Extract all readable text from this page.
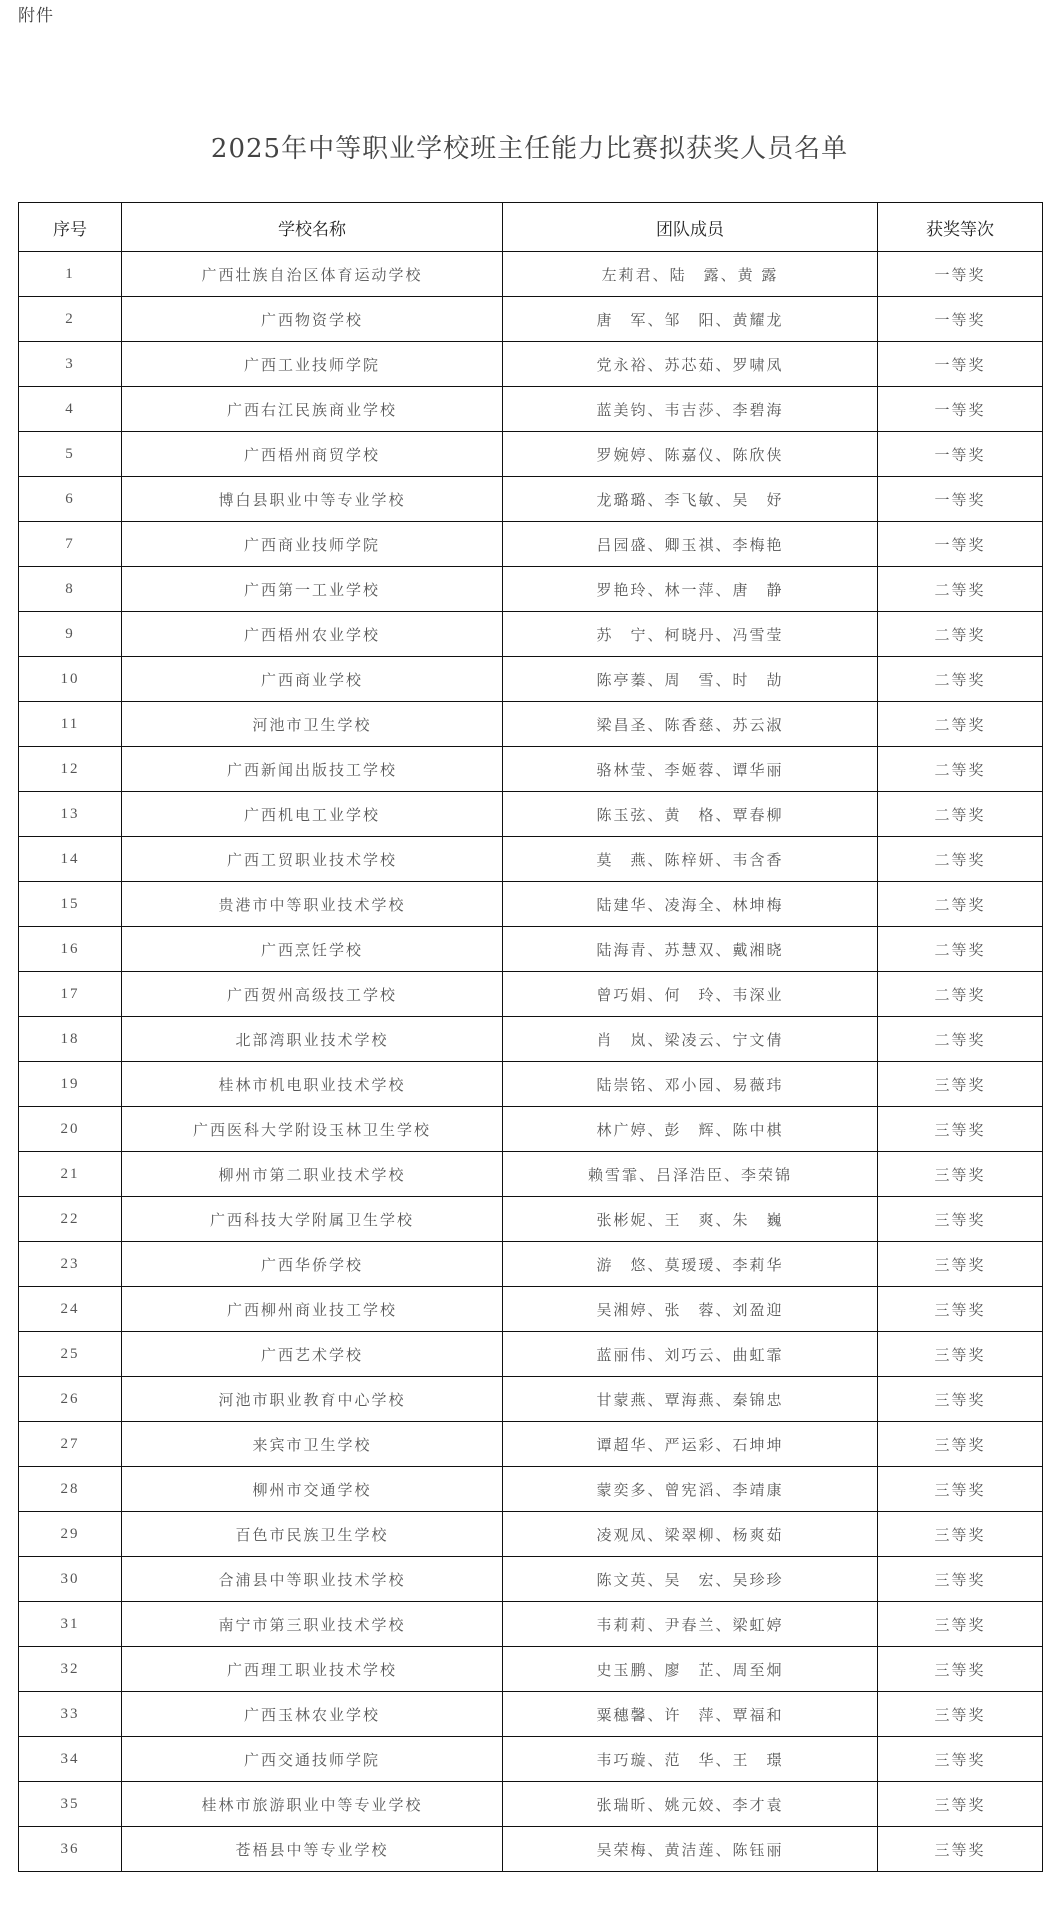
附件
2025年中等职业学校班主任能力比赛拟获奖人员名单
序号	学校名称	团队成员	获奖等次
1	广西壮族自治区体育运动学校	左莉君、陆　露、黄 露	一等奖
2	广西物资学校	唐　军、邹　阳、黄耀龙	一等奖
3	广西工业技师学院	党永裕、苏芯茹、罗啸凤	一等奖
4	广西右江民族商业学校	蓝美钧、韦吉莎、李碧海	一等奖
5	广西梧州商贸学校	罗婉婷、陈嘉仪、陈欣侠	一等奖
6	博白县职业中等专业学校	龙璐璐、李飞敏、吴　妤	一等奖
7	广西商业技师学院	吕园盛、卿玉祺、李梅艳	一等奖
8	广西第一工业学校	罗艳玲、林一萍、唐　静	二等奖
9	广西梧州农业学校	苏　宁、柯晓丹、冯雪莹	二等奖
10	广西商业学校	陈亭蓁、周　雪、时　劼	二等奖
11	河池市卫生学校	梁昌圣、陈香慈、苏云淑	二等奖
12	广西新闻出版技工学校	骆林莹、李姬蓉、谭华丽	二等奖
13	广西机电工业学校	陈玉弦、黄　格、覃春柳	二等奖
14	广西工贸职业技术学校	莫　燕、陈梓妍、韦含香	二等奖
15	贵港市中等职业技术学校	陆建华、凌海全、林坤梅	二等奖
16	广西烹饪学校	陆海青、苏慧双、戴湘晓	二等奖
17	广西贺州高级技工学校	曾巧娟、何　玲、韦深业	二等奖
18	北部湾职业技术学校	肖　岚、梁凌云、宁文倩	二等奖
19	桂林市机电职业技术学校	陆崇铭、邓小园、易薇玮	三等奖
20	广西医科大学附设玉林卫生学校	林广婷、彭　辉、陈中棋	三等奖
21	柳州市第二职业技术学校	赖雪霏、吕泽浩臣、李荣锦	三等奖
22	广西科技大学附属卫生学校	张彬妮、王　爽、朱　巍	三等奖
23	广西华侨学校	游　悠、莫瑷瑷、李莉华	三等奖
24	广西柳州商业技工学校	吴湘婷、张　蓉、刘盈迎	三等奖
25	广西艺术学校	蓝丽伟、刘巧云、曲虹霏	三等奖
26	河池市职业教育中心学校	甘蒙燕、覃海燕、秦锦忠	三等奖
27	来宾市卫生学校	谭超华、严运彩、石坤坤	三等奖
28	柳州市交通学校	蒙奕多、曾宪滔、李靖康	三等奖
29	百色市民族卫生学校	凌观凤、梁翠柳、杨爽茹	三等奖
30	合浦县中等职业技术学校	陈文英、吴　宏、吴珍珍	三等奖
31	南宁市第三职业技术学校	韦莉莉、尹春兰、梁虹婷	三等奖
32	广西理工职业技术学校	史玉鹏、廖　芷、周至炯	三等奖
33	广西玉林农业学校	粟穗馨、许　萍、覃福和	三等奖
34	广西交通技师学院	韦巧璇、范　华、王　璟	三等奖
35	桂林市旅游职业中等专业学校	张瑞昕、姚元姣、李才袁	三等奖
36	苍梧县中等专业学校	吴荣梅、黄洁莲、陈钰丽	三等奖
